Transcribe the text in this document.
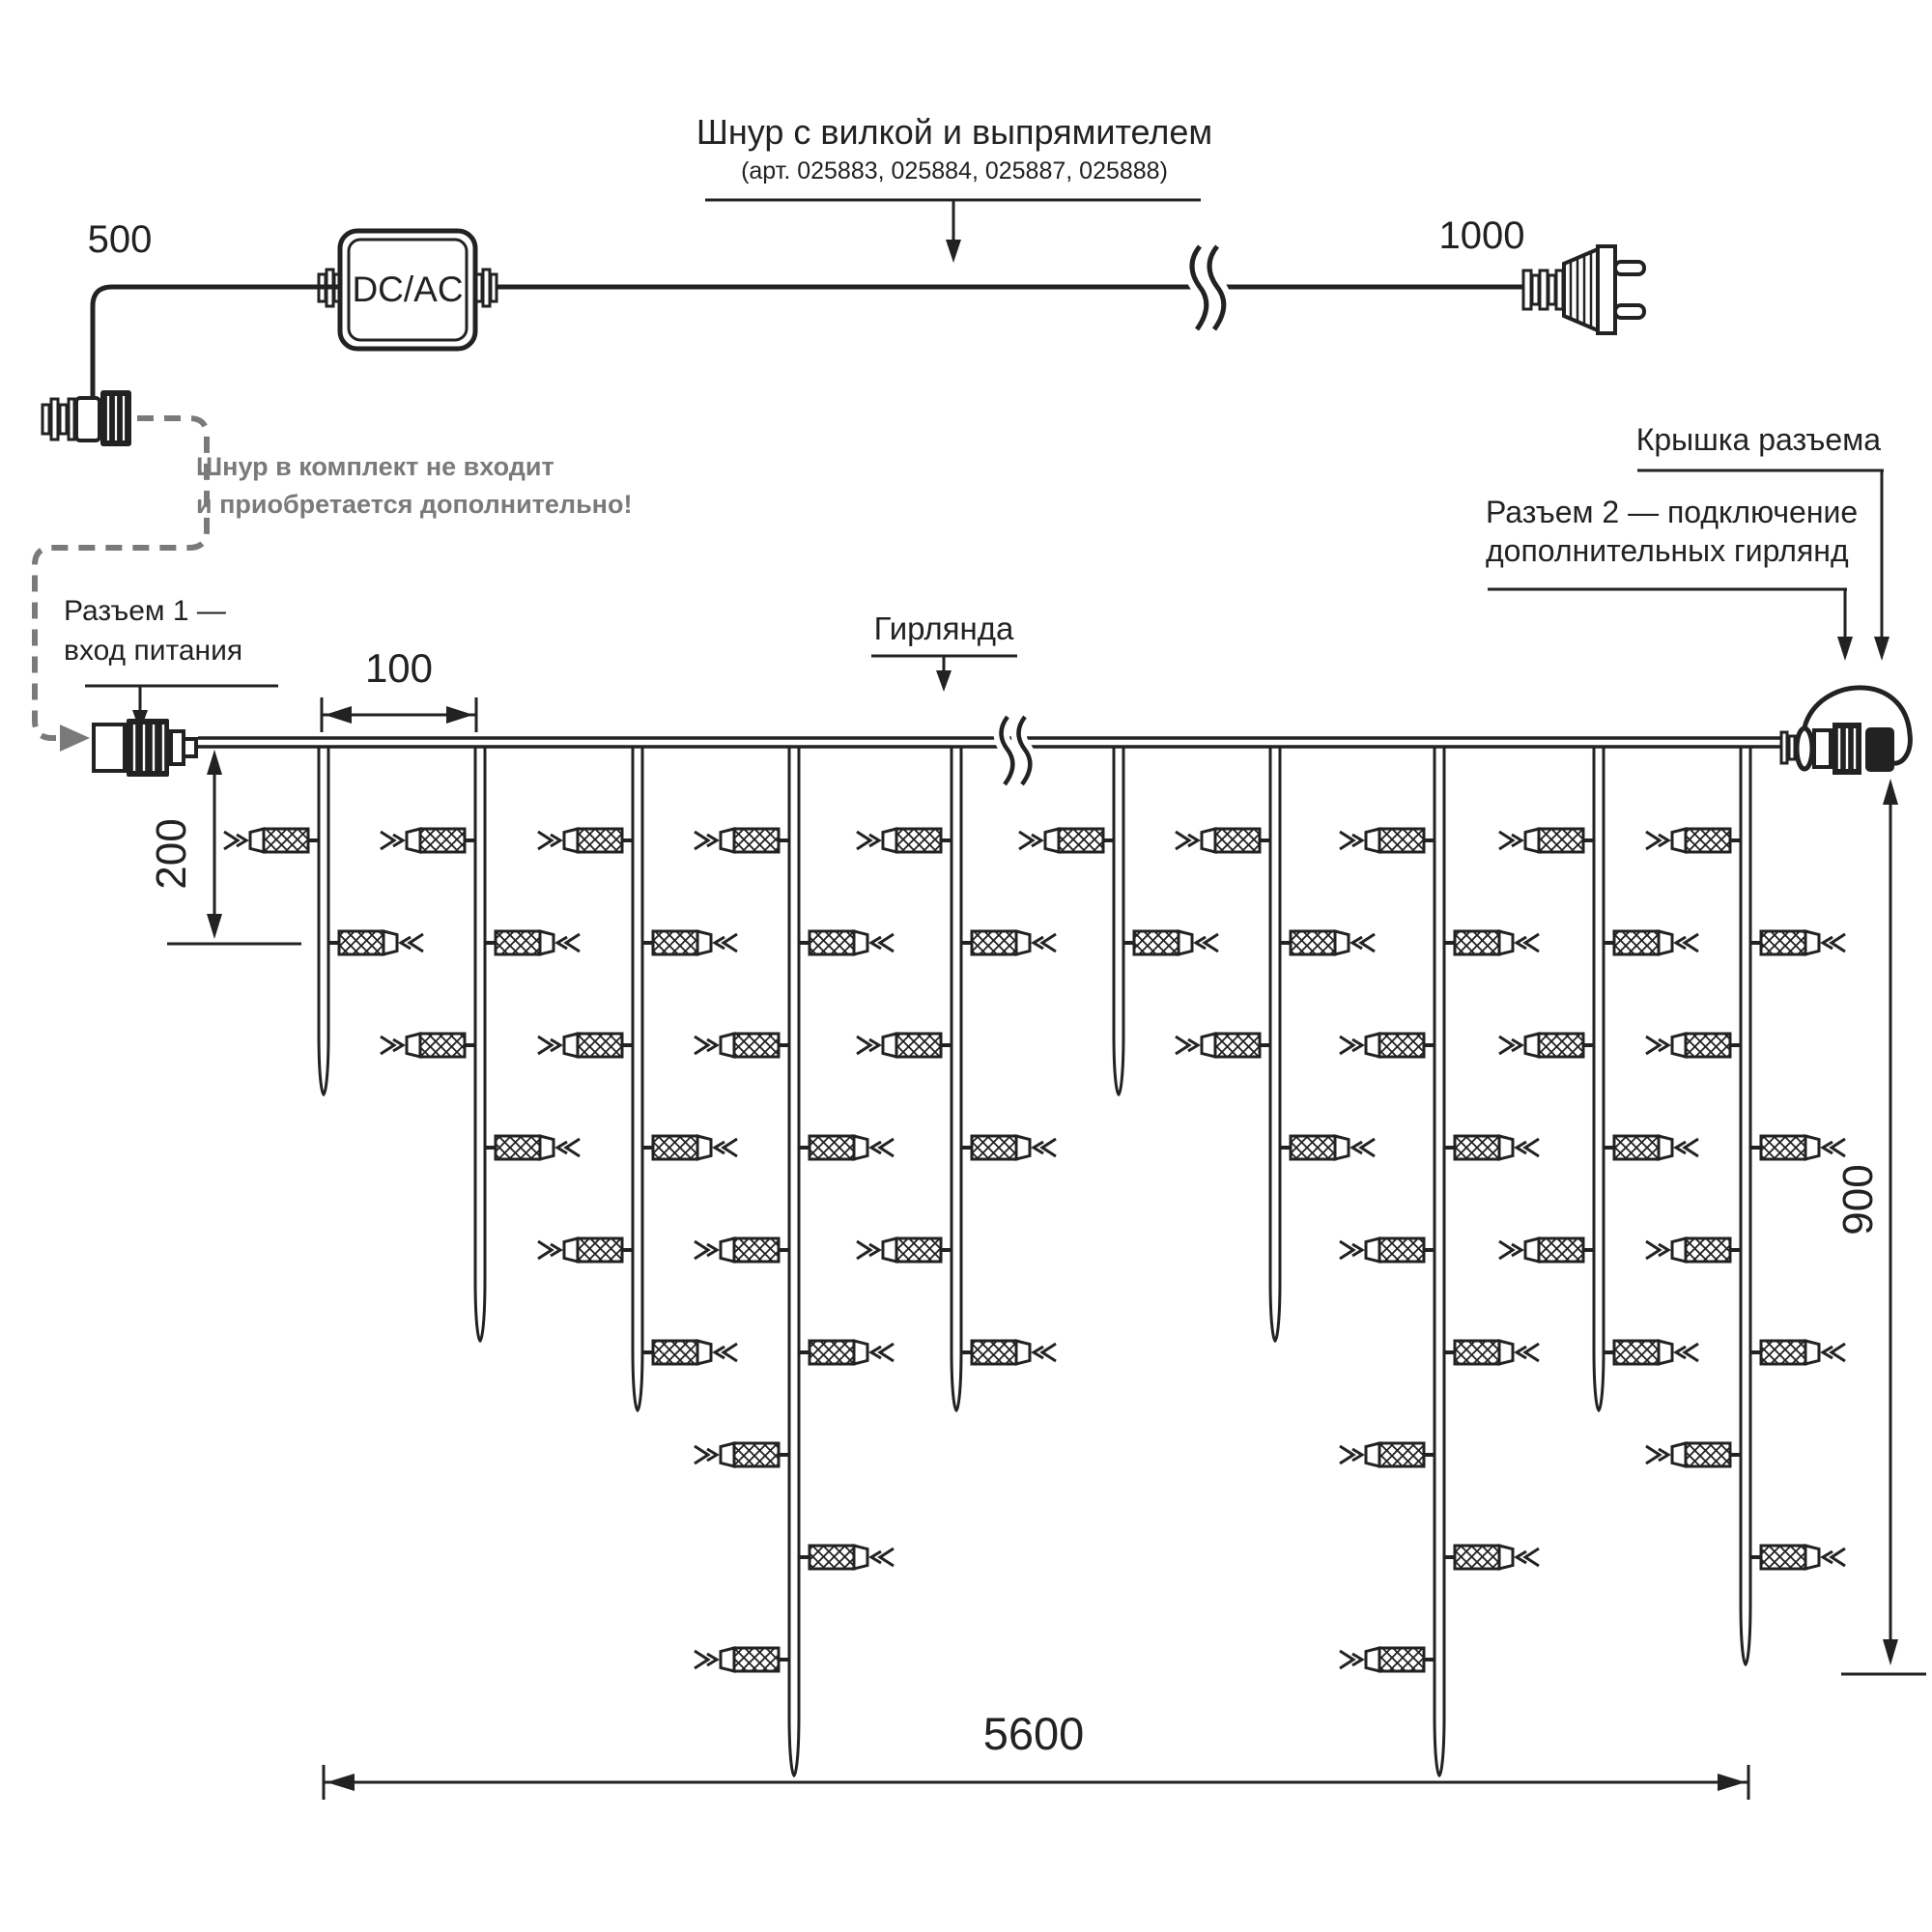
Шнур с вилкой и выпрямителем
(арт. 025883, 025884, 025887, 025888)
500	1000
DC/AC
Шнур в комплект не входит
и приобретается дополнительно!
Разъем 1 —
вход питания
Гирлянда
Крышка разъема
Разъем 2 — подключение
дополнительных гирлянд
100
200
900
5600
